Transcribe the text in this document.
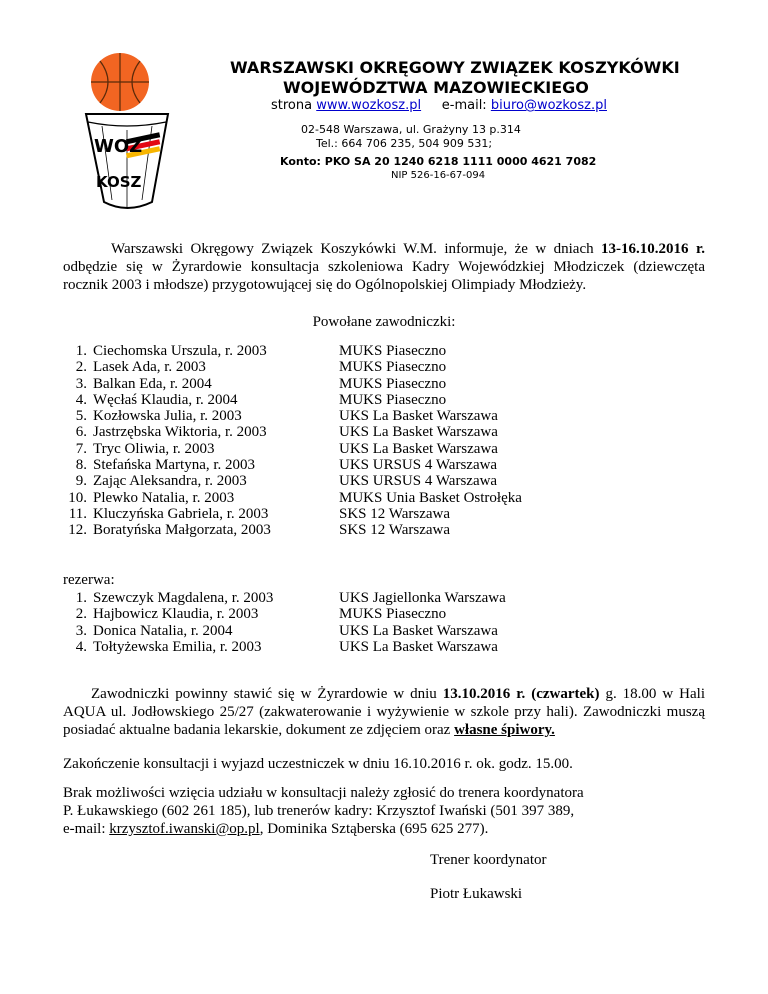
WOZ
KOSZ
WARSZAWSKI OKRĘGOWY ZWIĄZEK KOSZYKÓWKI
WOJEWÓDZTWA MAZOWIECKIEGO
strona www.wozkosz.pl e-mail: biuro@wozkosz.pl
02-548 Warszawa, ul. Grażyny 13 p.314
Tel.: 664 706 235, 504 909 531;
Konto: PKO SA 20 1240 6218 1111 0000 4621 7082
NIP 526-16-67-094
Warszawski Okręgowy Związek Koszykówki W.M. informuje, że w dniach 13-16.10.2016 r. odbędzie się w Żyrardowie konsultacja szkoleniowa Kadry Wojewódzkiej Młodziczek (dziewczęta rocznik 2003 i młodsze) przygotowującej się do Ogólnopolskiej Olimpiady Młodzieży.
Powołane zawodniczki:
1. Ciechomska Urszula, r. 2003	MUKS Piaseczno
2. Lasek Ada, r. 2003	MUKS Piaseczno
3. Balkan Eda, r. 2004	MUKS Piaseczno
4. Węcłaś Klaudia, r. 2004	MUKS Piaseczno
5. Kozłowska Julia, r. 2003	UKS La Basket Warszawa
6. Jastrzębska Wiktoria, r. 2003	UKS La Basket Warszawa
7. Tryc Oliwia, r. 2003	UKS La Basket Warszawa
8. Stefańska Martyna, r. 2003	UKS URSUS 4 Warszawa
9. Zając Aleksandra, r. 2003	UKS URSUS 4 Warszawa
10. Plewko Natalia, r. 2003	MUKS Unia Basket Ostrołęka
11. Kluczyńska Gabriela, r. 2003	SKS 12 Warszawa
12. Boratyńska Małgorzata, 2003	SKS 12 Warszawa
rezerwa:
1. Szewczyk Magdalena, r. 2003	UKS Jagiellonka Warszawa
2. Hajbowicz Klaudia, r. 2003	MUKS Piaseczno
3. Donica Natalia, r. 2004	UKS La Basket Warszawa
4. Tołtyżewska Emilia, r. 2003	UKS La Basket Warszawa
Zawodniczki powinny stawić się w Żyrardowie w dniu 13.10.2016 r. (czwartek) g. 18.00 w Hali AQUA ul. Jodłowskiego 25/27 (zakwaterowanie i wyżywienie w szkole przy hali). Zawodniczki muszą posiadać aktualne badania lekarskie, dokument ze zdjęciem oraz własne śpiwory.
Zakończenie konsultacji i wyjazd uczestniczek w dniu 16.10.2016 r. ok. godz. 15.00.
Brak możliwości wzięcia udziału w konsultacji należy zgłosić do trenera koordynatora
P. Łukawskiego (602 261 185), lub trenerów kadry: Krzysztof Iwański (501 397 389,
e-mail: krzysztof.iwanski@op.pl, Dominika Sztąberska (695 625 277).
Trener koordynator
Piotr Łukawski
